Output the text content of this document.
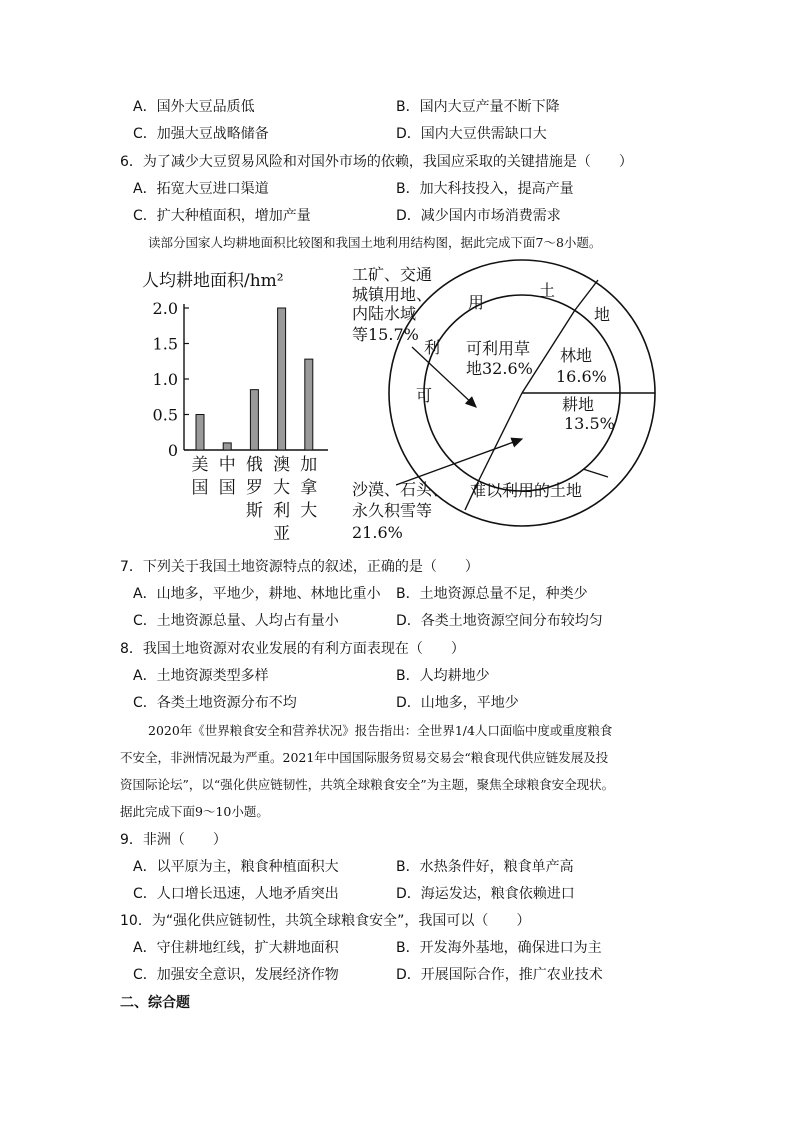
A．国外大豆品质低	B．国内大豆产量不断下降
C．加强大豆战略储备	D．国内大豆供需缺口大
6．为了减少大豆贸易风险和对国外市场的依赖，我国应采取的关键措施是（　　）
A．拓宽大豆进口渠道	B．加大科技投入，提高产量
C．扩大种植面积，增加产量	D．减少国内市场消费需求
读部分国家人均耕地面积比较图和我国土地利用结构图，据此完成下面7～8小题。
人均耕地面积/hm²
0
0.5
1.0
1.5
2.0
美
国
中
国
俄
罗
斯
澳
大
利
亚
加
拿
大
可
利
用
土
地
可利用草
地32.6%
林地
16.6%
耕地
13.5%
工矿、交通
城镇用地、
内陆水域
等15.7%
难以利用的土地
沙漠、石头、
永久积雪等
21.6%
7．下列关于我国土地资源特点的叙述，正确的是（　　）
A．山地多，平地少，耕地、林地比重小 B．土地资源总量不足，种类少
C．土地资源总量、人均占有量小	D．各类土地资源空间分布较均匀
8．我国土地资源对农业发展的有利方面表现在（　　）
A．土地资源类型多样	B．人均耕地少
C．各类土地资源分布不均	D．山地多，平地少
2020年《世界粮食安全和营养状况》报告指出：全世界1/4人口面临中度或重度粮食
不安全，非洲情况最为严重。2021年中国国际服务贸易交易会“粮食现代供应链发展及投
资国际论坛”，以“强化供应链韧性，共筑全球粮食安全”为主题，聚焦全球粮食安全现状。
据此完成下面9～10小题。
9．非洲（　　）
A．以平原为主，粮食种植面积大	B．水热条件好，粮食单产高
C．人口增长迅速，人地矛盾突出	D．海运发达，粮食依赖进口
10．为“强化供应链韧性，共筑全球粮食安全”，我国可以（　　）
A．守住耕地红线，扩大耕地面积	B．开发海外基地，确保进口为主
C．加强安全意识，发展经济作物	D．开展国际合作，推广农业技术
二、综合题
